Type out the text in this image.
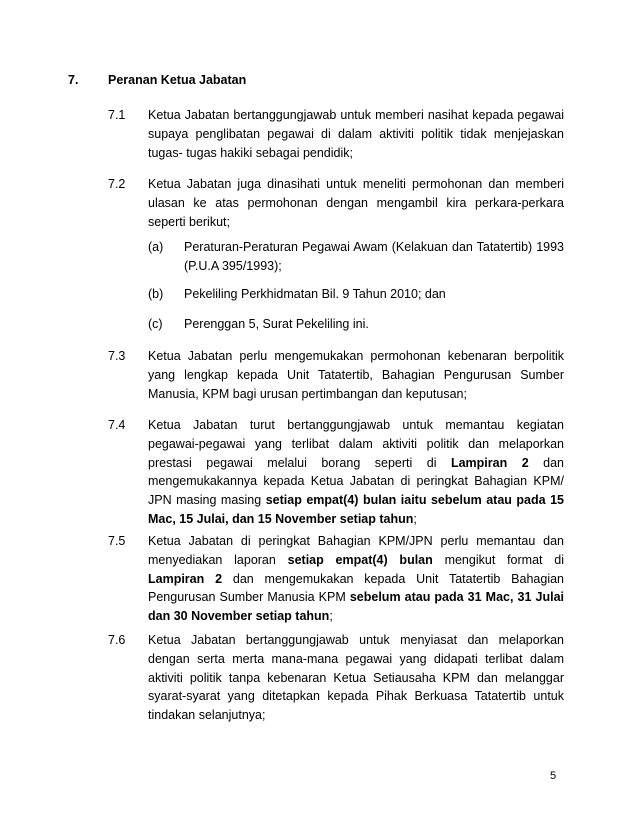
7. Peranan Ketua Jabatan
7.1 Ketua Jabatan bertanggungjawab untuk memberi nasihat kepada pegawai supaya penglibatan pegawai di dalam aktiviti politik tidak menjejaskan tugas- tugas hakiki sebagai pendidik;
7.2 Ketua Jabatan juga dinasihati untuk meneliti permohonan dan memberi ulasan ke atas permohonan dengan mengambil kira perkara-perkara seperti berikut;
(a) Peraturan-Peraturan Pegawai Awam (Kelakuan dan Tatatertib) 1993 (P.U.A 395/1993);
(b) Pekeliling Perkhidmatan Bil. 9 Tahun 2010; dan
(c) Perenggan 5, Surat Pekeliling ini.
7.3 Ketua Jabatan perlu mengemukakan permohonan kebenaran berpolitik yang lengkap kepada Unit Tatatertib, Bahagian Pengurusan Sumber Manusia, KPM bagi urusan pertimbangan dan keputusan;
7.4 Ketua Jabatan turut bertanggungjawab untuk memantau kegiatan pegawai-pegawai yang terlibat dalam aktiviti politik dan melaporkan prestasi pegawai melalui borang seperti di Lampiran 2 dan mengemukakannya kepada Ketua Jabatan di peringkat Bahagian KPM/ JPN masing masing setiap empat(4) bulan iaitu sebelum atau pada 15 Mac, 15 Julai, dan 15 November setiap tahun;
7.5 Ketua Jabatan di peringkat Bahagian KPM/JPN perlu memantau dan menyediakan laporan setiap empat(4) bulan mengikut format di Lampiran 2 dan mengemukakan kepada Unit Tatatertib Bahagian Pengurusan Sumber Manusia KPM sebelum atau pada 31 Mac, 31 Julai dan 30 November setiap tahun;
7.6 Ketua Jabatan bertanggungjawab untuk menyiasat dan melaporkan dengan serta merta mana-mana pegawai yang didapati terlibat dalam aktiviti politik tanpa kebenaran Ketua Setiausaha KPM dan melanggar syarat-syarat yang ditetapkan kepada Pihak Berkuasa Tatatertib untuk tindakan selanjutnya;
5
